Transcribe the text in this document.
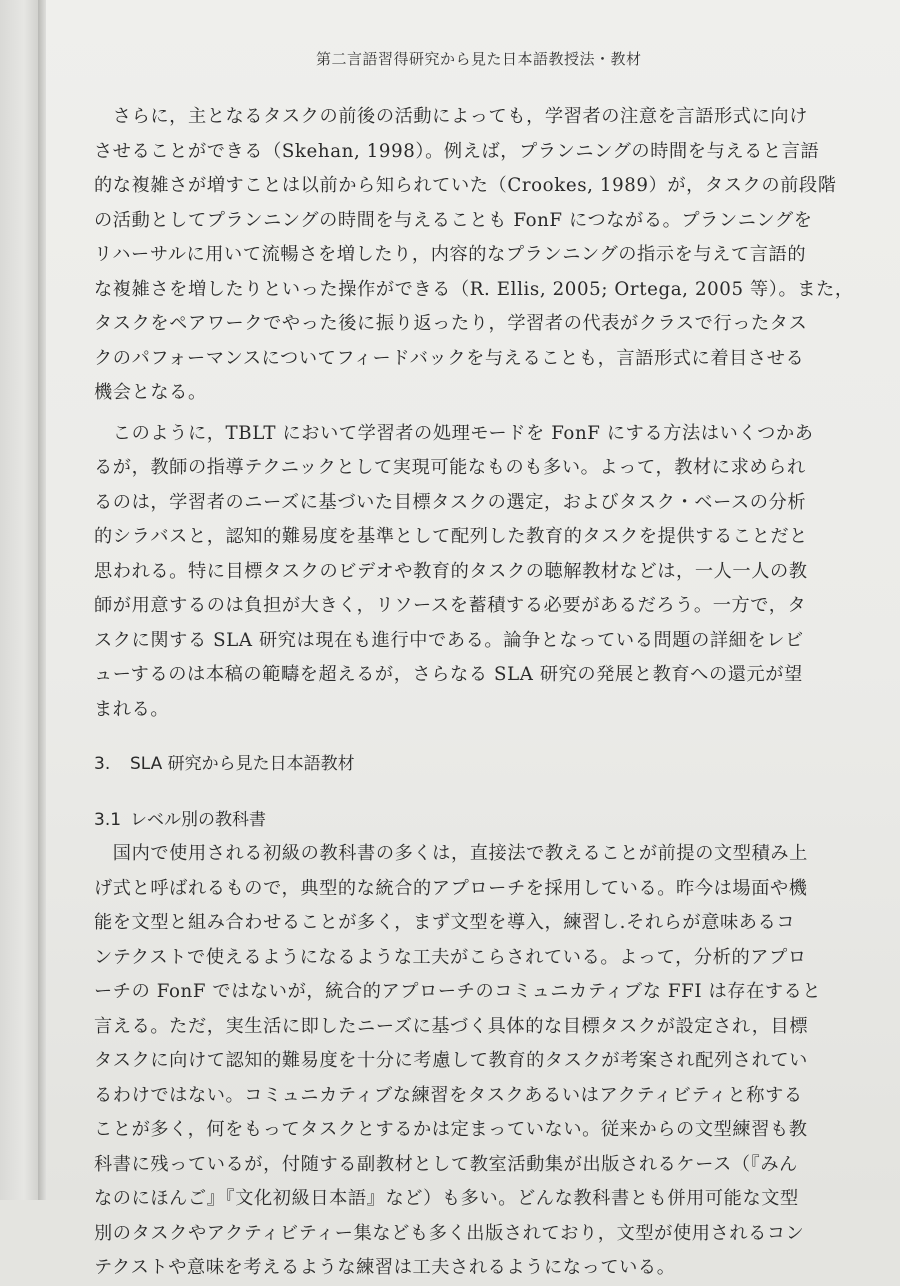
第二言語習得研究から見た日本語教授法・教材
　さらに，主となるタスクの前後の活動によっても，学習者の注意を言語形式に向け
させることができる（Skehan, 1998）。例えば，プランニングの時間を与えると言語
的な複雑さが増すことは以前から知られていた（Crookes, 1989）が，タスクの前段階
の活動としてプランニングの時間を与えることも FonF につながる。プランニングを
リハーサルに用いて流暢さを増したり，内容的なプランニングの指示を与えて言語的
な複雑さを増したりといった操作ができる（R. Ellis, 2005; Ortega, 2005 等）。また，
タスクをペアワークでやった後に振り返ったり，学習者の代表がクラスで行ったタス
クのパフォーマンスについてフィードバックを与えることも，言語形式に着目させる
機会となる。
　このように，TBLT において学習者の処理モードを FonF にする方法はいくつかあ
るが，教師の指導テクニックとして実現可能なものも多い。よって，教材に求められ
るのは，学習者のニーズに基づいた目標タスクの選定，およびタスク・ベースの分析
的シラバスと，認知的難易度を基準として配列した教育的タスクを提供することだと
思われる。特に目標タスクのビデオや教育的タスクの聴解教材などは，一人一人の教
師が用意するのは負担が大きく，リソースを蓄積する必要があるだろう。一方で，タ
スクに関する SLA 研究は現在も進行中である。論争となっている問題の詳細をレビ
ューするのは本稿の範疇を超えるが，さらなる SLA 研究の発展と教育への還元が望
まれる。
3. SLA 研究から見た日本語教材
3.1 レベル別の教科書
　国内で使用される初級の教科書の多くは，直接法で教えることが前提の文型積み上
げ式と呼ばれるもので，典型的な統合的アプローチを採用している。昨今は場面や機
能を文型と組み合わせることが多く，まず文型を導入，練習し.それらが意味あるコ
ンテクストで使えるようになるような工夫がこらされている。よって，分析的アプロ
ーチの FonF ではないが，統合的アプローチのコミュニカティブな FFI は存在すると
言える。ただ，実生活に即したニーズに基づく具体的な目標タスクが設定され，目標
タスクに向けて認知的難易度を十分に考慮して教育的タスクが考案され配列されてい
るわけではない。コミュニカティブな練習をタスクあるいはアクティビティと称する
ことが多く，何をもってタスクとするかは定まっていない。従来からの文型練習も教
科書に残っているが，付随する副教材として教室活動集が出版されるケース（『みん
なのにほんご』『文化初級日本語』など）も多い。どんな教科書とも併用可能な文型
別のタスクやアクティビティー集なども多く出版されており，文型が使用されるコン
テクストや意味を考えるような練習は工夫されるようになっている。
